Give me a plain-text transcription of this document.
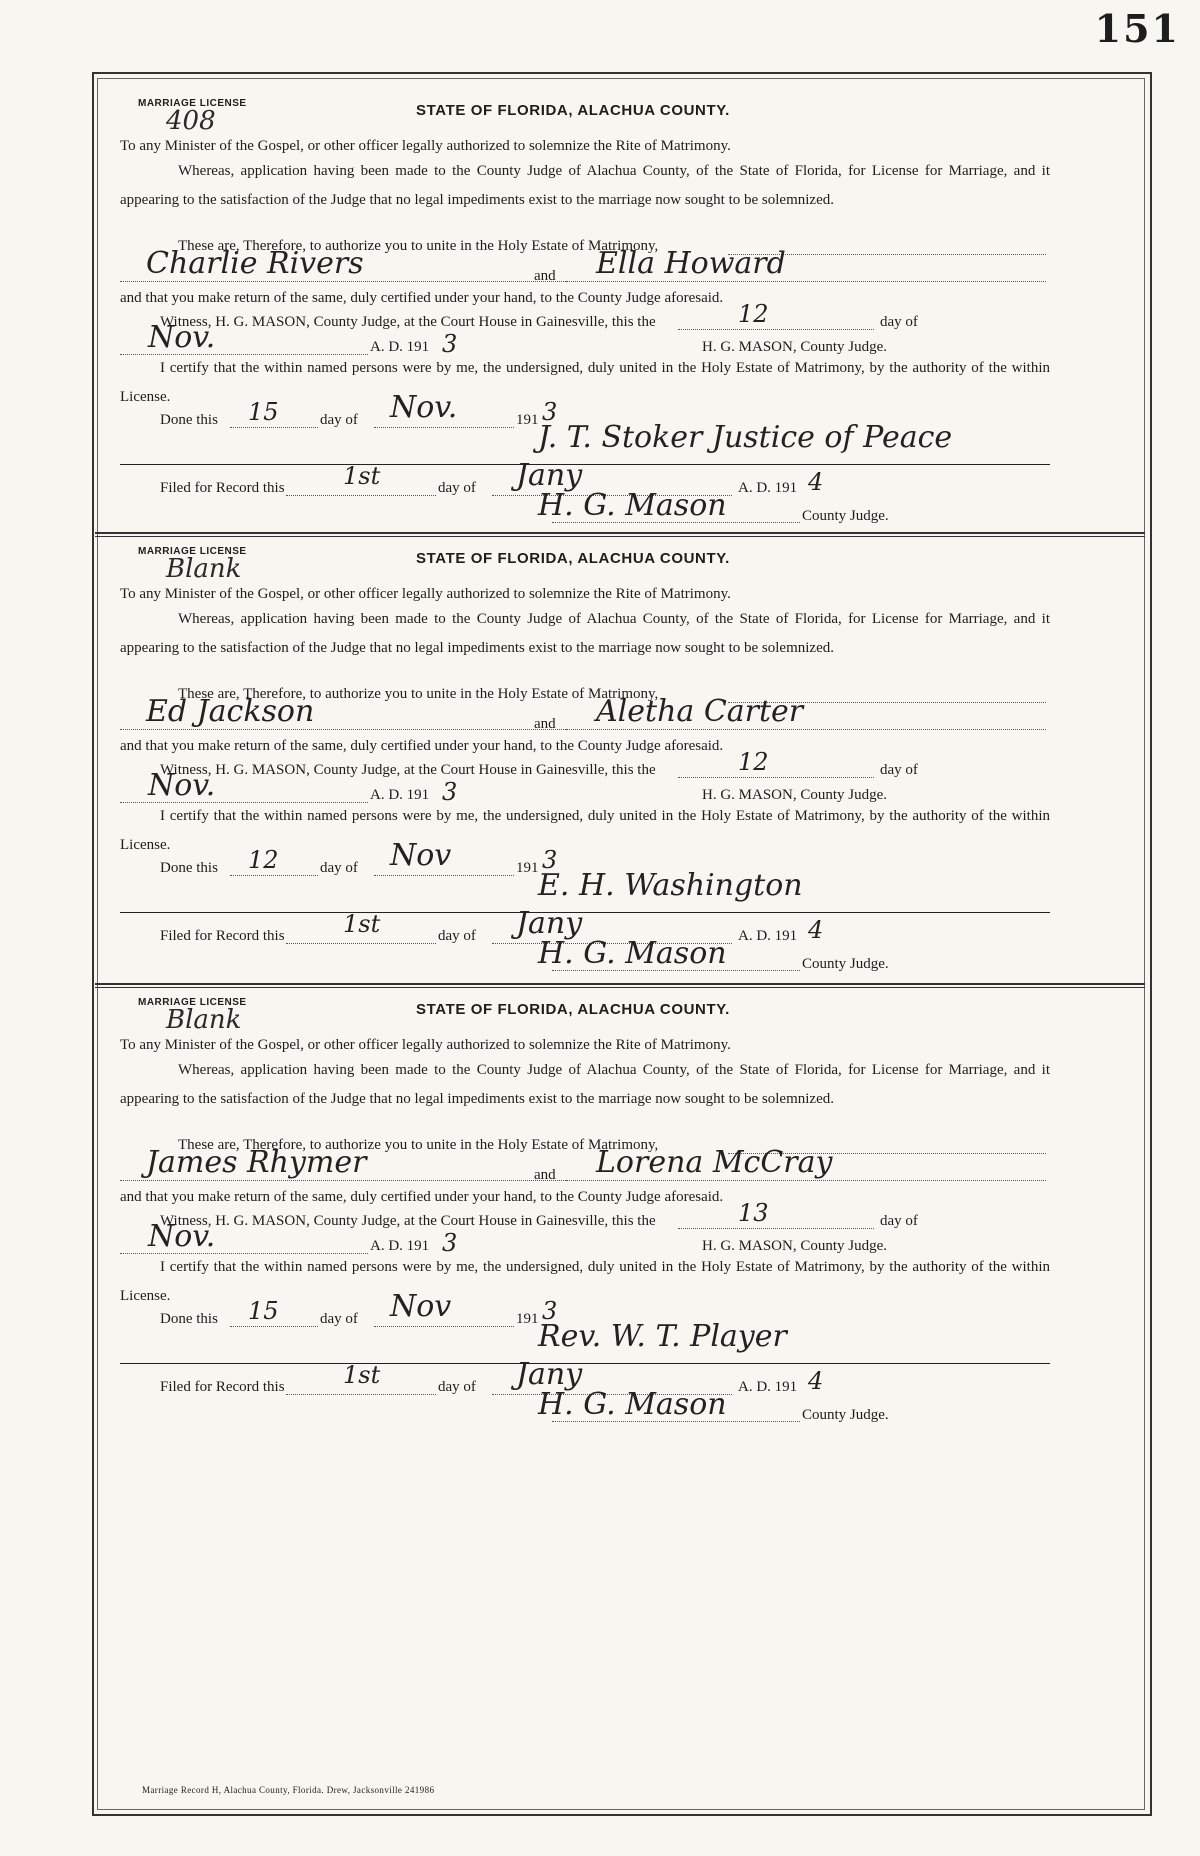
151
MARRIAGE LICENSE
408	STATE OF FLORIDA, ALACHUA COUNTY.
To any Minister of the Gospel, or other officer legally authorized to solemnize the Rite of Matrimony.
Whereas, application having been made to the County Judge of Alachua County, of the State of Florida, for License for Marriage, and it appearing to the satisfaction of the Judge that no legal impediments exist to the marriage now sought to be solemnized.
These are, Therefore, to authorize you to unite in the Holy Estate of Matrimony,
Charlie Rivers	and Ella Howard
and that you make return of the same, duly certified under your hand, to the County Judge aforesaid.
Witness, H. G. MASON, County Judge, at the Court House in Gainesville, this the	12	day of
Nov.	A. D. 191 3	H. G. MASON, County Judge.
I certify that the within named persons were by me, the undersigned, duly united in the Holy Estate of Matrimony, by the authority of the within License.
Done this 15	day of Nov.	191 3
J. T. Stoker Justice of Peace
Filed for Record this 1st	day of Jany	A. D. 191 4
H. G. Mason	County Judge.
MARRIAGE LICENSE
Blank	STATE OF FLORIDA, ALACHUA COUNTY.
To any Minister of the Gospel, or other officer legally authorized to solemnize the Rite of Matrimony.
Whereas, application having been made to the County Judge of Alachua County, of the State of Florida, for License for Marriage, and it appearing to the satisfaction of the Judge that no legal impediments exist to the marriage now sought to be solemnized.
These are, Therefore, to authorize you to unite in the Holy Estate of Matrimony,
Ed Jackson	and Aletha Carter
and that you make return of the same, duly certified under your hand, to the County Judge aforesaid.
Witness, H. G. MASON, County Judge, at the Court House in Gainesville, this the	12	day of
Nov.	A. D. 191 3	H. G. MASON, County Judge.
I certify that the within named persons were by me, the undersigned, duly united in the Holy Estate of Matrimony, by the authority of the within License.
Done this 12	day of Nov	191 3
E. H. Washington
Filed for Record this 1st	day of Jany	A. D. 191 4
H. G. Mason	County Judge.
MARRIAGE LICENSE
Blank	STATE OF FLORIDA, ALACHUA COUNTY.
To any Minister of the Gospel, or other officer legally authorized to solemnize the Rite of Matrimony.
Whereas, application having been made to the County Judge of Alachua County, of the State of Florida, for License for Marriage, and it appearing to the satisfaction of the Judge that no legal impediments exist to the marriage now sought to be solemnized.
These are, Therefore, to authorize you to unite in the Holy Estate of Matrimony,
James Rhymer	and Lorena McCray
and that you make return of the same, duly certified under your hand, to the County Judge aforesaid.
Witness, H. G. MASON, County Judge, at the Court House in Gainesville, this the	13	day of
Nov.	A. D. 191 3	H. G. MASON, County Judge.
I certify that the within named persons were by me, the undersigned, duly united in the Holy Estate of Matrimony, by the authority of the within License.
Done this 15	day of Nov	191 3
Rev. W. T. Player
Filed for Record this 1st	day of Jany	A. D. 191 4
H. G. Mason	County Judge.
Marriage Record H, Alachua County, Florida. Drew, Jacksonville 241986
